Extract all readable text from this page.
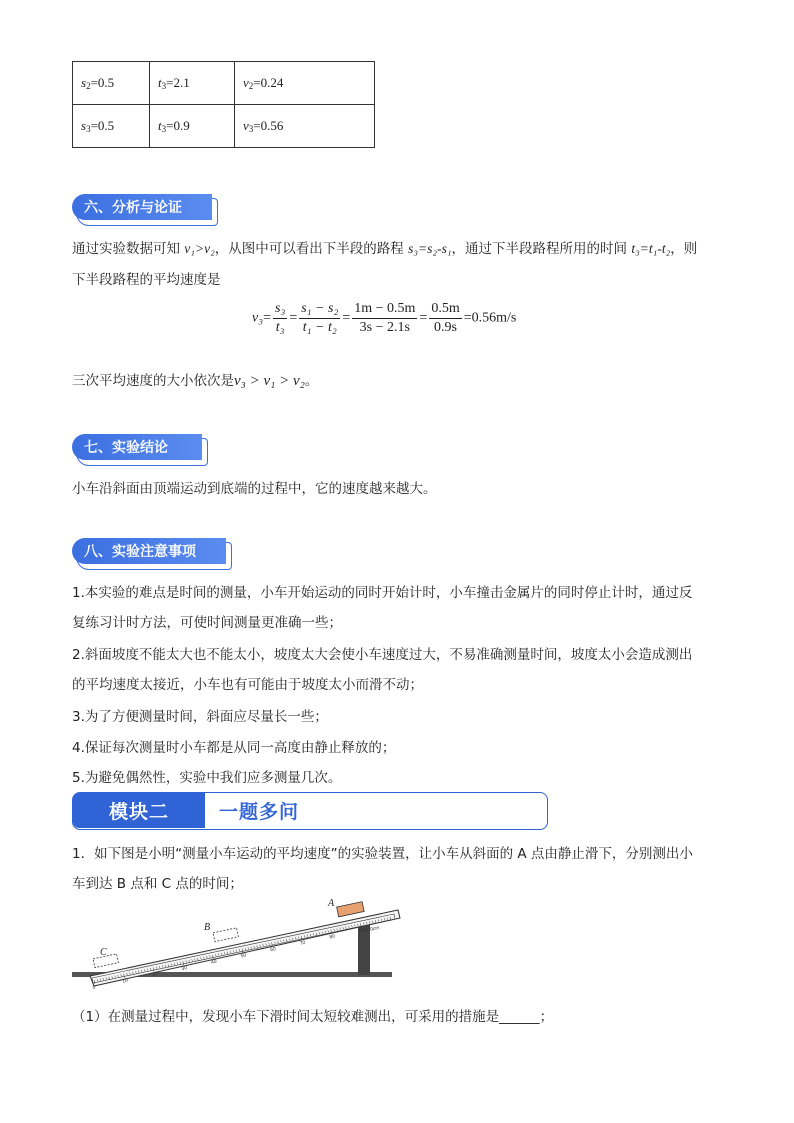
$s_2=0.5$	$t_3=2.1$	$v_2=0.24$
$s_3=0.5$	$t_3=0.9$	$v_3=0.56$
六、分析与论证
通过实验数据可知 v₁>v₂，从图中可以看出下半段的路程 s₃=s₂-s₁，通过下半段路程所用的时间 t₃=t₁-t₂，则
下半段路程的平均速度是
$v_3= \frac{\text{s₃}}{\text{t₃}} = \frac{\text{s₁ − s₂}}{\text{t₁ − t₂}} = \frac{1m - 0.5m}{3s - 2.1s} = \frac{0.5m}{0.9s} =0.56m/s$
三次平均速度的大小依次是v₃ > v₁ > v₂。
七、实验结论
小车沿斜面由顶端运动到底端的过程中，它的速度越来越大。
八、实验注意事项
1.本实验的难点是时间的测量，小车开始运动的同时开始计时，小车撞击金属片的同时停止计时，通过反
复练习计时方法，可使时间测量更准确一些；
2.斜面坡度不能太大也不能太小，坡度太大会使小车速度过大，不易准确测量时间，坡度太小会造成测出
的平均速度太接近，小车也有可能由于坡度太小而滑不动；
3.为了方便测量时间，斜面应尽量长一些；
4.保证每次测量时小车都是从同一高度由静止释放的；
5.为避免偶然性，实验中我们应多测量几次。
模块二	一题多问
1．如下图是小明“测量小车运动的平均速度”的实验装置，让小车从斜面的 A 点由静止滑下，分别测出小
车到达 B 点和 C 点的时间；
0
10
20
30
40
50
60
70
80
90
100cm
A
B
C
（1）在测量过程中，发现小车下滑时间太短较难测出，可采用的措施是______；
